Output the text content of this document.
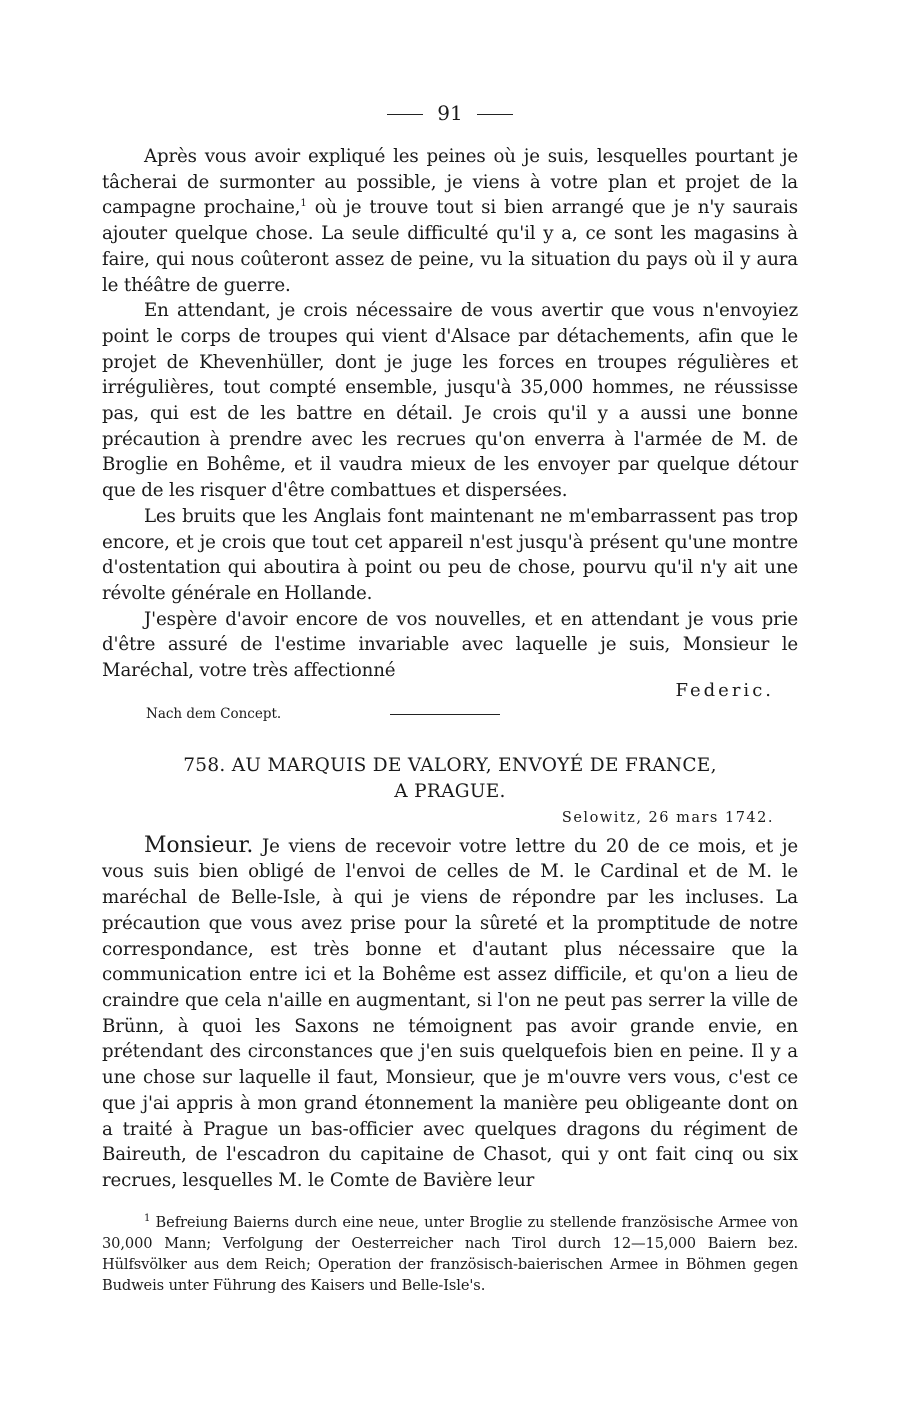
91

Après vous avoir expliqué les peines où je suis, lesquelles pourtant je tâcherai de surmonter au possible, je viens à votre plan et projet de la campagne prochaine,$^1$ où je trouve tout si bien arrangé que je n'y saurais ajouter quelque chose. La seule difficulté qu'il y a, ce sont les magasins à faire, qui nous coûteront assez de peine, vu la situation du pays où il y aura le théâtre de guerre.

En attendant, je crois nécessaire de vous avertir que vous n'envoyiez point le corps de troupes qui vient d'Alsace par détachements, afin que le projet de Khevenhüller, dont je juge les forces en troupes régulières et irrégulières, tout compté ensemble, jusqu'à 35,000 hommes, ne réussisse pas, qui est de les battre en détail. Je crois qu'il y a aussi une bonne précaution à prendre avec les recrues qu'on enverra à l'armée de M. de Broglie en Bohême, et il vaudra mieux de les envoyer par quelque détour que de les risquer d'être combattues et dispersées.

Les bruits que les Anglais font maintenant ne m'embarrassent pas trop encore, et je crois que tout cet appareil n'est jusqu'à présent qu'une montre d'ostentation qui aboutira à point ou peu de chose, pourvu qu'il n'y ait une révolte générale en Hollande.

J'espère d'avoir encore de vos nouvelles, et en attendant je vous prie d'être assuré de l'estime invariable avec laquelle je suis, Monsieur le Maréchal, votre très affectionné

Federic.
Nach dem Concept.
758. AU MARQUIS DE VALORY, ENVOYÉ DE FRANCE,
A PRAGUE.
Selowitz, 26 mars 1742.

Monsieur. Je viens de recevoir votre lettre du 20 de ce mois, et je vous suis bien obligé de l'envoi de celles de M. le Cardinal et de M. le maréchal de Belle-Isle, à qui je viens de répondre par les incluses. La précaution que vous avez prise pour la sûreté et la promptitude de notre correspondance, est très bonne et d'autant plus nécessaire que la communication entre ici et la Bohême est assez difficile, et qu'on a lieu de craindre que cela n'aille en augmentant, si l'on ne peut pas serrer la ville de Brünn, à quoi les Saxons ne témoignent pas avoir grande envie, en prétendant des circonstances que j'en suis quelquefois bien en peine. Il y a une chose sur laquelle il faut, Monsieur, que je m'ouvre vers vous, c'est ce que j'ai appris à mon grand étonnement la manière peu obligeante dont on a traité à Prague un bas-officier avec quelques dragons du régiment de Baireuth, de l'escadron du capitaine de Chasot, qui y ont fait cinq ou six recrues, lesquelles M. le Comte de Bavière leur

$^1$ Befreiung Baierns durch eine neue, unter Broglie zu stellende französische Armee von 30,000 Mann; Verfolgung der Oesterreicher nach Tirol durch 12—15,000 Baiern bez. Hülfsvölker aus dem Reich; Operation der französisch-baierischen Armee in Böhmen gegen Budweis unter Führung des Kaisers und Belle-Isle's.
